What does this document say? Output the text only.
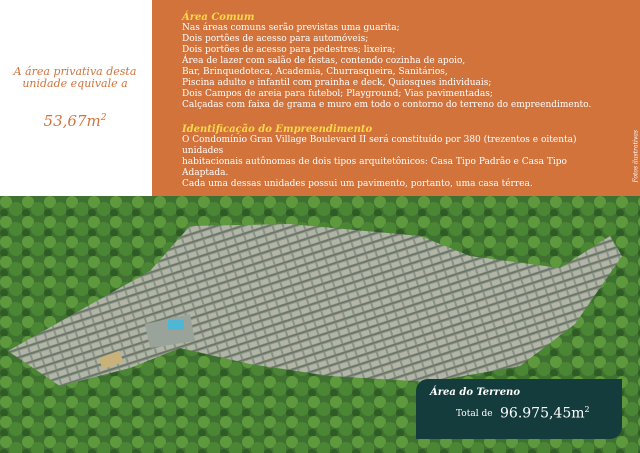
A área privativa desta unidade equivale a
$53,67m^2$
Área Comum
Nas áreas comuns serão previstas uma guarita;
Dois portões de acesso para automóveis;
Dois portões de acesso para pedestres; lixeira;
Área de lazer com salão de festas, contendo cozinha de apoio,
Bar, Brinquedoteca, Academia, Churrasqueira, Sanitários,
Piscina adulto e infantil com prainha e deck, Quiosques individuais;
Dois Campos de areia para futebol; Playground; Vias pavimentadas;
Calçadas com faixa de grama e muro em todo o contorno do terreno do empreendimento.
Identificação do Empreendimento
O Condomínio Gran Village Boulevard II será constituído por 380 (trezentos e oitenta) unidades
habitacionais autônomas de dois tipos arquitetônicos: Casa Tipo Padrão e Casa Tipo Adaptada.
Cada uma dessas unidades possui um pavimento, portanto, uma casa térrea.
Fotos ilustrativas
Área do Terreno
Total de $96.975,45m^2$
